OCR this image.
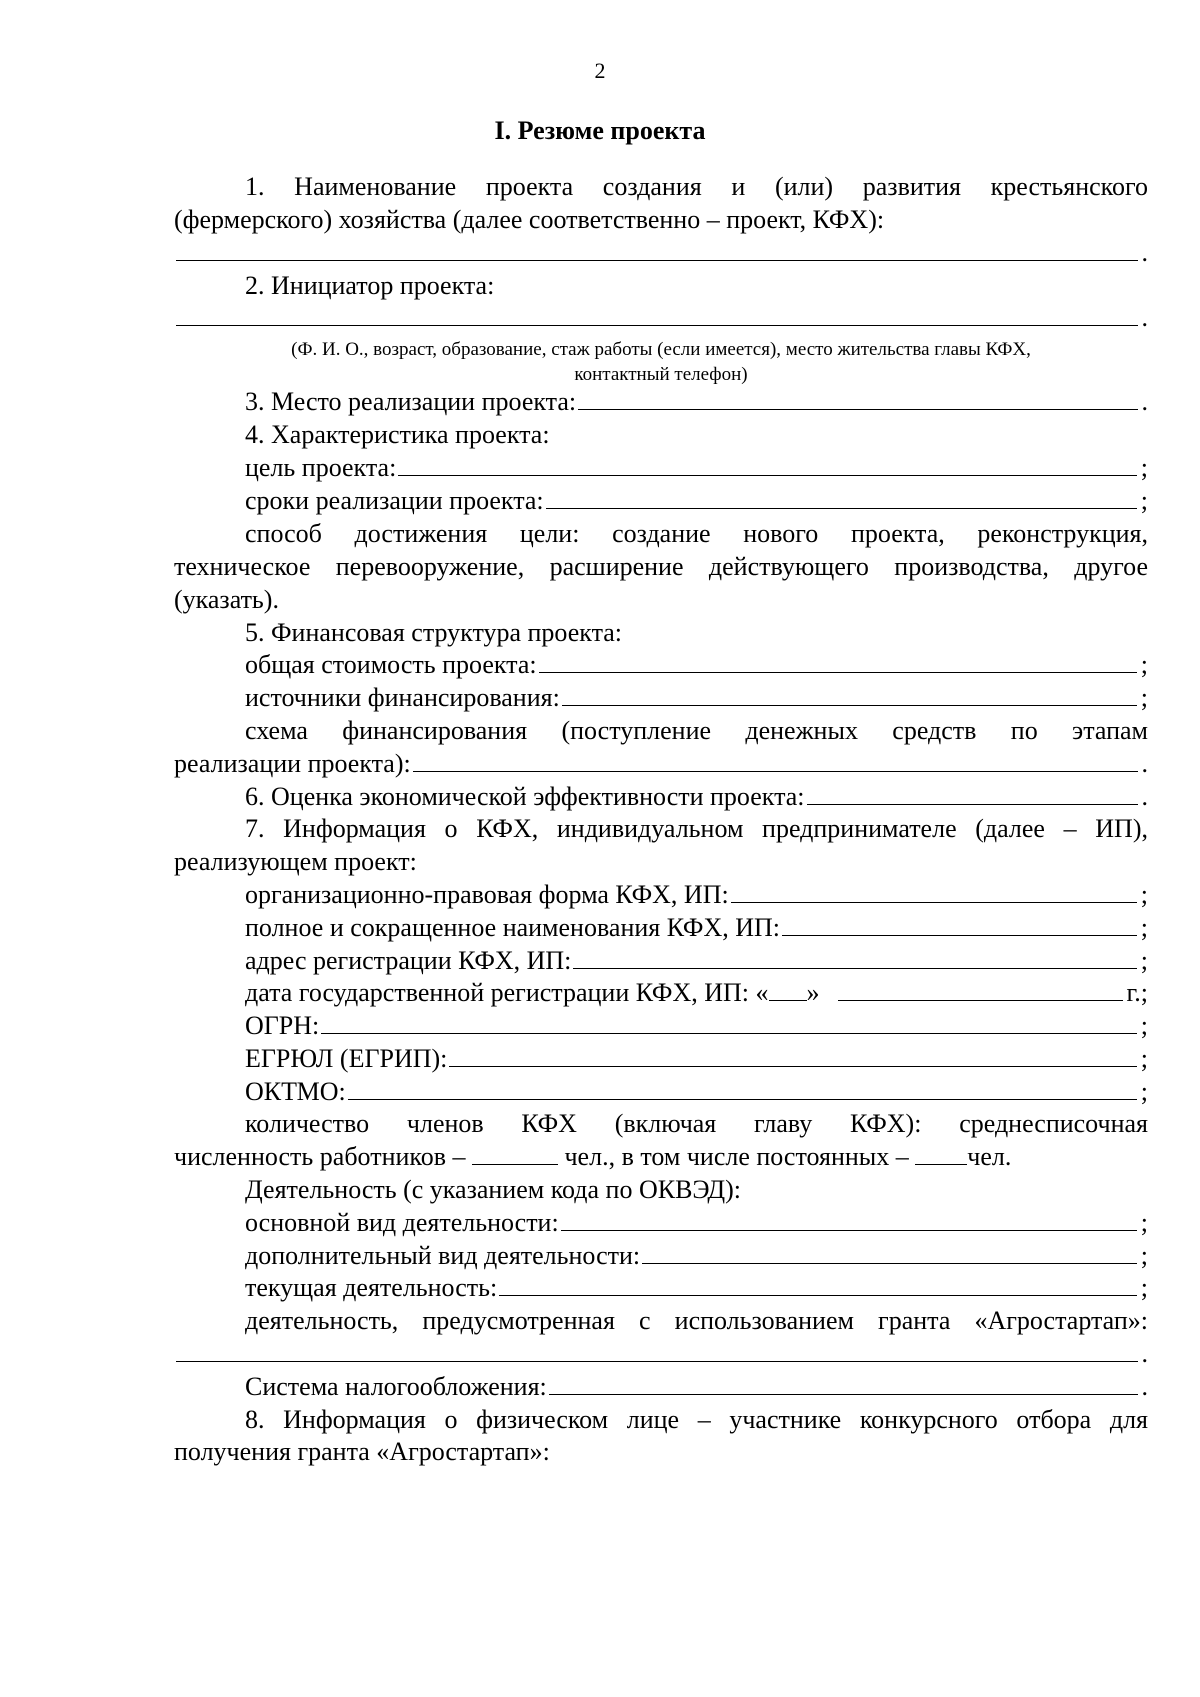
2
I. Резюме проекта
1. Наименование проекта создания и (или) развития крестьянского
(фермерского) хозяйства (далее соответственно – проект, КФХ):
.
2. Инициатор проекта:
.
(Ф. И. О., возраст, образование, стаж работы (если имеется), место жительства главы КФХ,
контактный телефон)
3. Место реализации проекта:	.
4. Характеристика проекта:
цель проекта:	;
сроки реализации проекта:	;
способ достижения цели: создание нового проекта, реконструкция,
техническое перевооружение, расширение действующего производства, другое
(указать).
5. Финансовая структура проекта:
общая стоимость проекта:	;
источники финансирования:	;
схема финансирования (поступление денежных средств по этапам
реализации проекта):	.
6. Оценка экономической эффективности проекта:	.
7. Информация о КФХ, индивидуальном предпринимателе (далее – ИП),
реализующем проект:
организационно-правовая форма КФХ, ИП:	;
полное и сокращенное наименования КФХ, ИП:	;
адрес регистрации КФХ, ИП:	;
дата государственной регистрации КФХ, ИП: « »	г.;
ОГРН:	;
ЕГРЮЛ (ЕГРИП):	;
ОКТМО:	;
количество членов КФХ (включая главу КФХ): среднесписочная
численность работников –	чел., в том числе постоянных – чел.
Деятельность (с указанием кода по ОКВЭД):
основной вид деятельности:	;
дополнительный вид деятельности:	;
текущая деятельность:	;
деятельность, предусмотренная с использованием гранта «Агростартап»:
.
Система налогообложения:	.
8. Информация о физическом лице – участнике конкурсного отбора для
получения гранта «Агростартап»:
